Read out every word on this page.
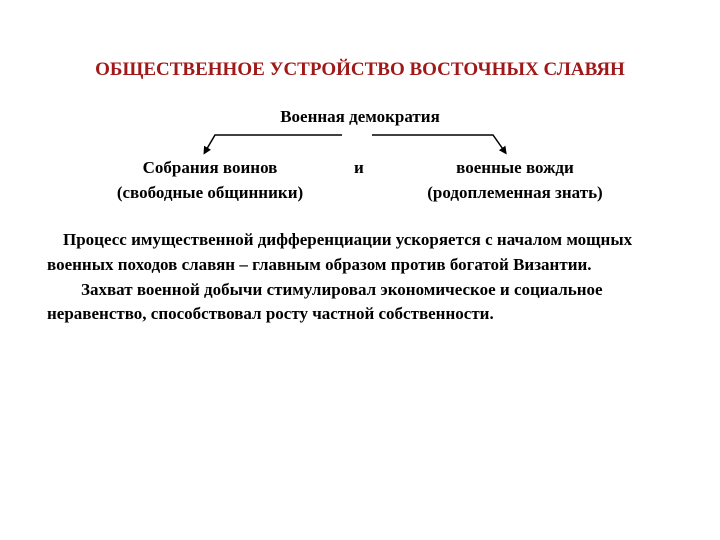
ОБЩЕСТВЕННОЕ УСТРОЙСТВО ВОСТОЧНЫХ СЛАВЯН
Военная демократия
Собрания воинов
(свободные общинники)
и	военные вожди
(родоплеменная знать)

Процесс имущественной дифференциации ускоряется с началом мощных военных походов славян – главным образом против богатой Византии.

Захват военной добычи стимулировал экономическое и социальное неравенство, способствовал росту частной собственности.
